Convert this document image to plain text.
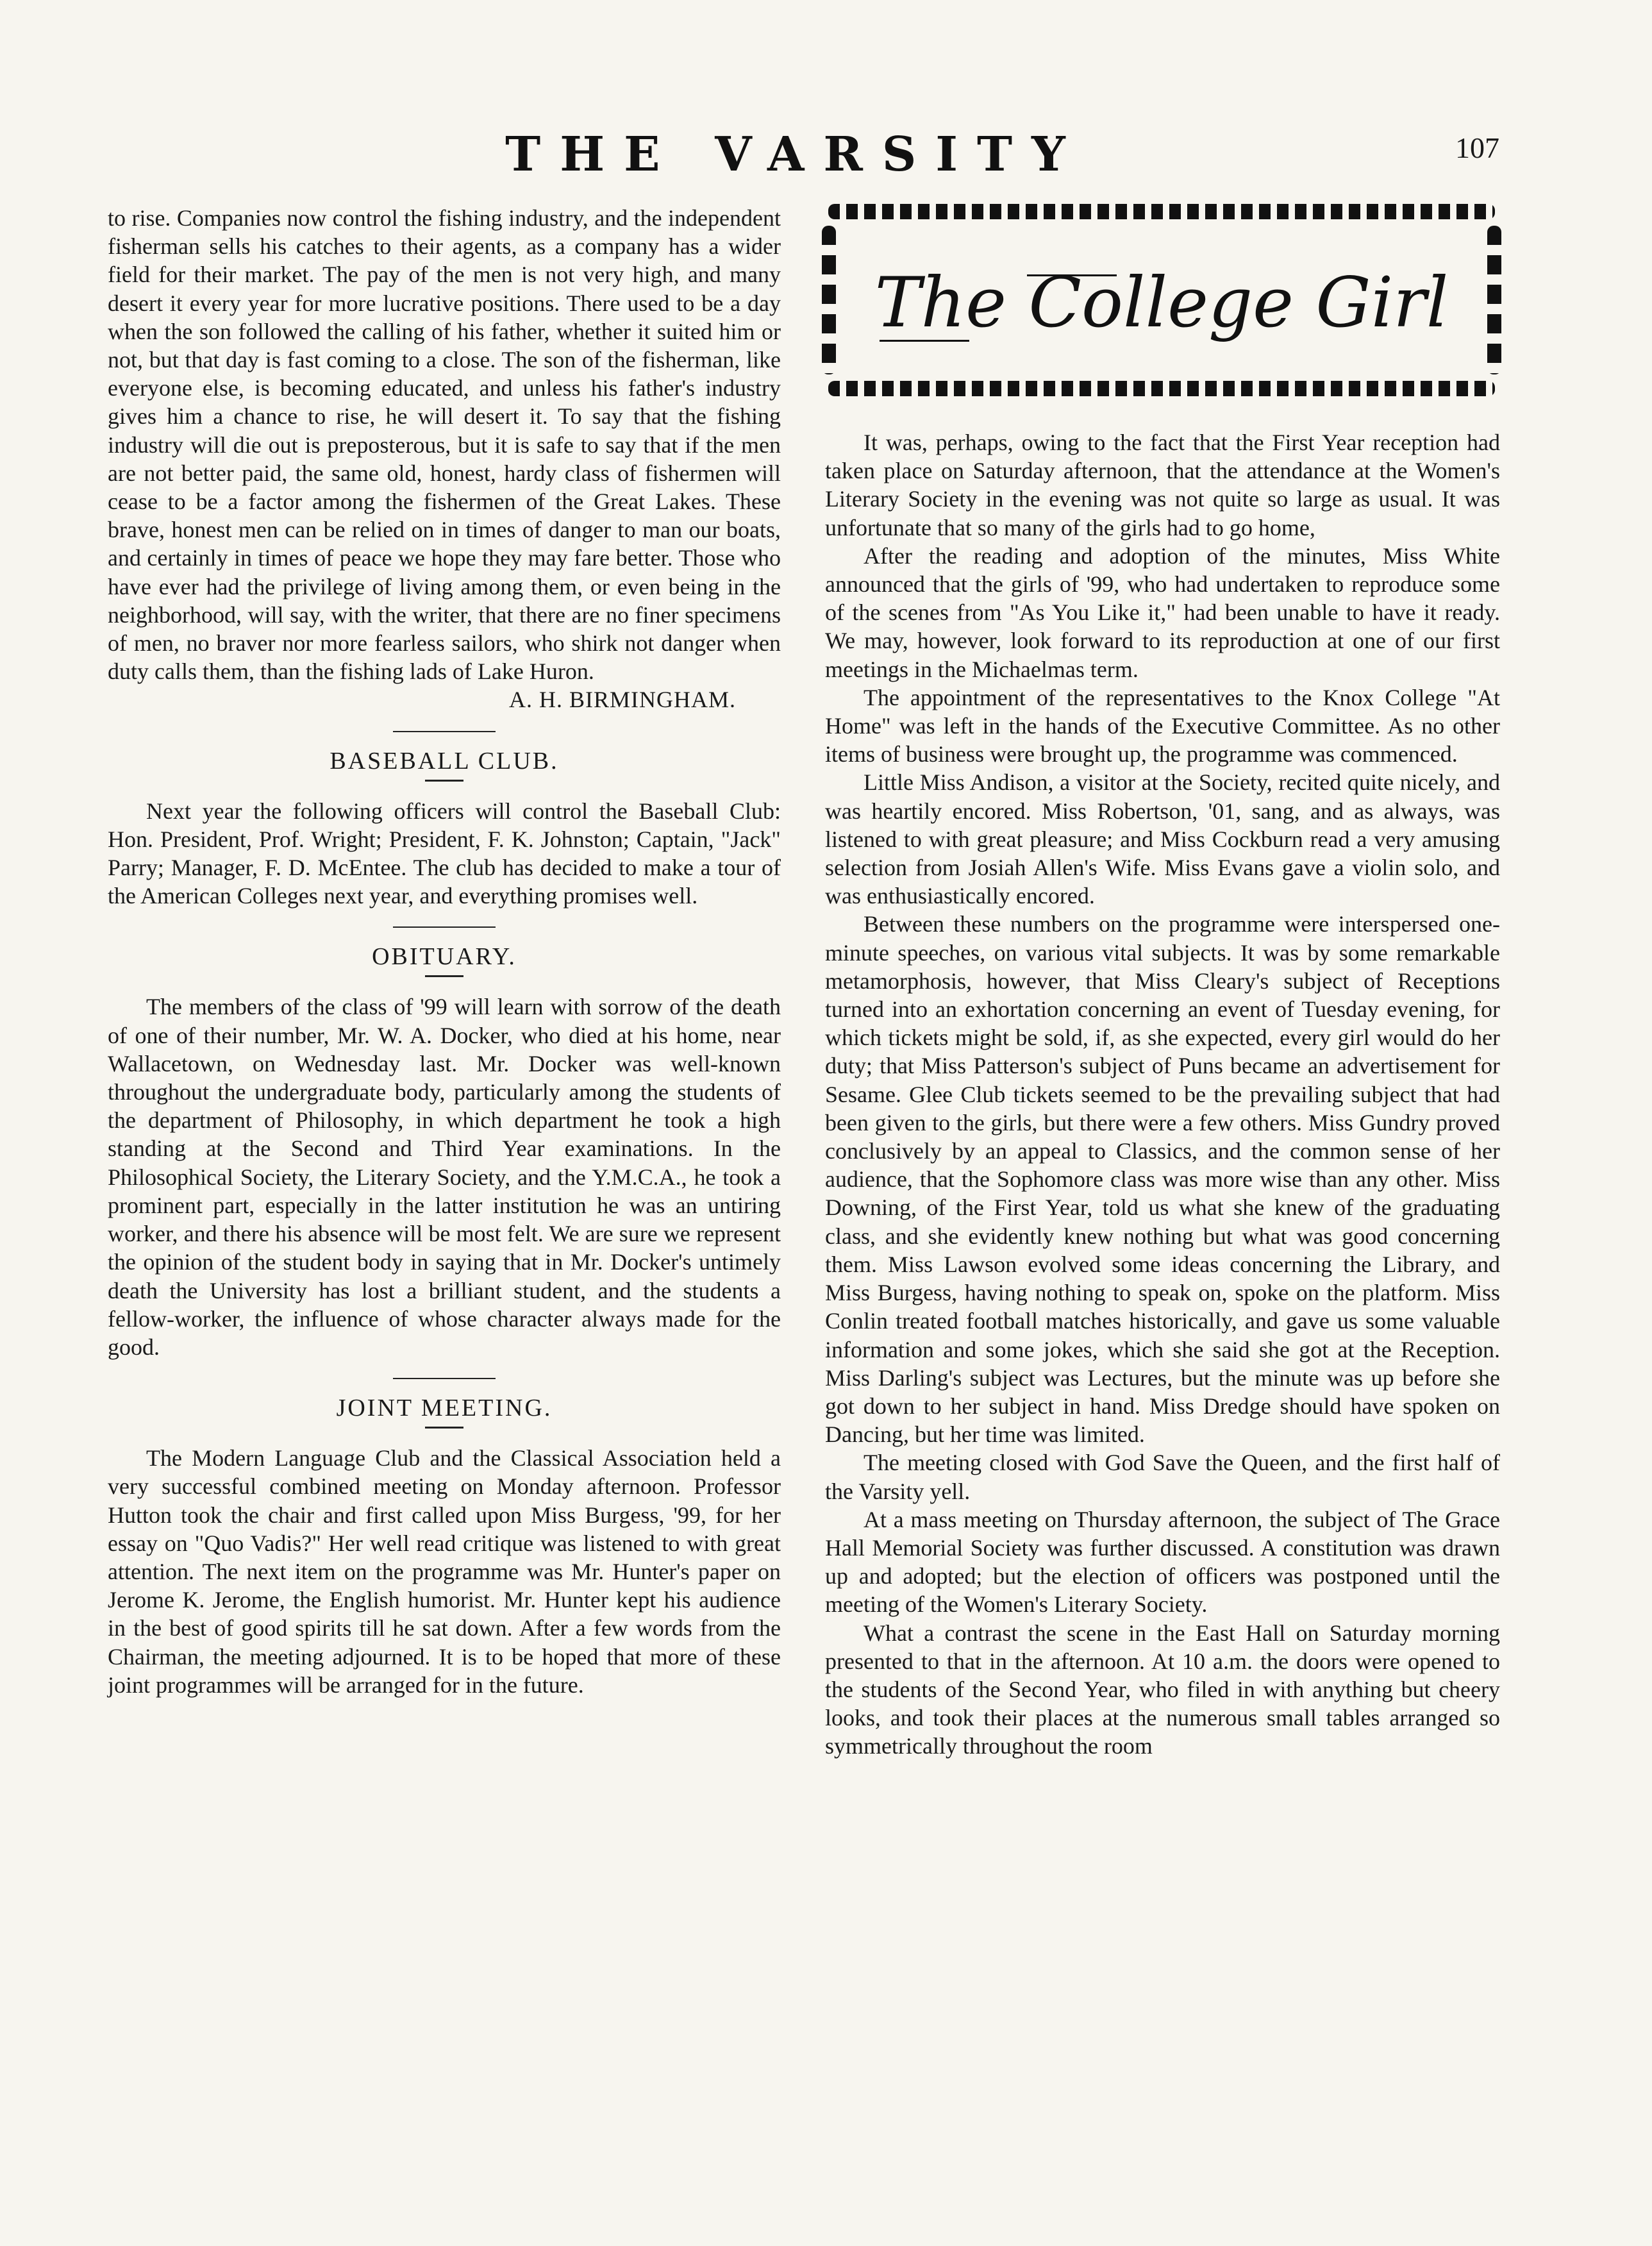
THE VARSITY	107

to rise. Companies now control the fishing industry, and the independent fisherman sells his catches to their agents, as a company has a wider field for their market. The pay of the men is not very high, and many desert it every year for more lucrative positions. There used to be a day when the son followed the calling of his father, whether it suited him or not, but that day is fast coming to a close. The son of the fisherman, like everyone else, is becoming educated, and unless his father's industry gives him a chance to rise, he will desert it. To say that the fishing industry will die out is preposterous, but it is safe to say that if the men are not better paid, the same old, honest, hardy class of fishermen will cease to be a factor among the fishermen of the Great Lakes. These brave, honest men can be relied on in times of danger to man our boats, and certainly in times of peace we hope they may fare better. Those who have ever had the privilege of living among them, or even being in the neighborhood, will say, with the writer, that there are no finer specimens of men, no braver nor more fearless sailors, who shirk not danger when duty calls them, than the fishing lads of Lake Huron.

A. H. BIRMINGHAM.

BASEBALL CLUB.

Next year the following officers will control the Baseball Club: Hon. President, Prof. Wright; President, F. K. Johnston; Captain, "Jack" Parry; Manager, F. D. McEntee. The club has decided to make a tour of the American Colleges next year, and everything promises well.

OBITUARY.

The members of the class of '99 will learn with sorrow of the death of one of their number, Mr. W. A. Docker, who died at his home, near Wallacetown, on Wednesday last. Mr. Docker was well-known throughout the undergraduate body, particularly among the students of the department of Philosophy, in which department he took a high standing at the Second and Third Year examinations. In the Philosophical Society, the Literary Society, and the Y.M.C.A., he took a prominent part, especially in the latter institution he was an untiring worker, and there his absence will be most felt. We are sure we represent the opinion of the student body in saying that in Mr. Docker's untimely death the University has lost a brilliant student, and the students a fellow-worker, the influence of whose character always made for the good.

JOINT MEETING.

The Modern Language Club and the Classical Association held a very successful combined meeting on Monday afternoon. Professor Hutton took the chair and first called upon Miss Burgess, '99, for her essay on "Quo Vadis?" Her well read critique was listened to with great attention. The next item on the programme was Mr. Hunter's paper on Jerome K. Jerome, the English humorist. Mr. Hunter kept his audience in the best of good spirits till he sat down. After a few words from the Chairman, the meeting adjourned. It is to be hoped that more of these joint programmes will be arranged for in the future.

The College Girl

It was, perhaps, owing to the fact that the First Year reception had taken place on Saturday afternoon, that the attendance at the Women's Literary Society in the evening was not quite so large as usual. It was unfortunate that so many of the girls had to go home,

After the reading and adoption of the minutes, Miss White announced that the girls of '99, who had undertaken to reproduce some of the scenes from "As You Like it," had been unable to have it ready. We may, however, look forward to its reproduction at one of our first meetings in the Michaelmas term.

The appointment of the representatives to the Knox College "At Home" was left in the hands of the Executive Committee. As no other items of business were brought up, the programme was commenced.

Little Miss Andison, a visitor at the Society, recited quite nicely, and was heartily encored. Miss Robertson, '01, sang, and as always, was listened to with great pleasure; and Miss Cockburn read a very amusing selection from Josiah Allen's Wife. Miss Evans gave a violin solo, and was enthusiastically encored.

Between these numbers on the programme were interspersed one-minute speeches, on various vital subjects. It was by some remarkable metamorphosis, however, that Miss Cleary's subject of Receptions turned into an exhortation concerning an event of Tuesday evening, for which tickets might be sold, if, as she expected, every girl would do her duty; that Miss Patterson's subject of Puns became an advertisement for Sesame. Glee Club tickets seemed to be the prevailing subject that had been given to the girls, but there were a few others. Miss Gundry proved conclusively by an appeal to Classics, and the common sense of her audience, that the Sophomore class was more wise than any other. Miss Downing, of the First Year, told us what she knew of the graduating class, and she evidently knew nothing but what was good concerning them. Miss Lawson evolved some ideas concerning the Library, and Miss Burgess, having nothing to speak on, spoke on the platform. Miss Conlin treated football matches historically, and gave us some valuable information and some jokes, which she said she got at the Reception. Miss Darling's subject was Lectures, but the minute was up before she got down to her subject in hand. Miss Dredge should have spoken on Dancing, but her time was limited.

The meeting closed with God Save the Queen, and the first half of the Varsity yell.

At a mass meeting on Thursday afternoon, the subject of The Grace Hall Memorial Society was further discussed. A constitution was drawn up and adopted; but the election of officers was postponed until the meeting of the Women's Literary Society.

What a contrast the scene in the East Hall on Saturday morning presented to that in the afternoon. At 10 a.m. the doors were opened to the students of the Second Year, who filed in with anything but cheery looks, and took their places at the numerous small tables arranged so symmetrically throughout the room
